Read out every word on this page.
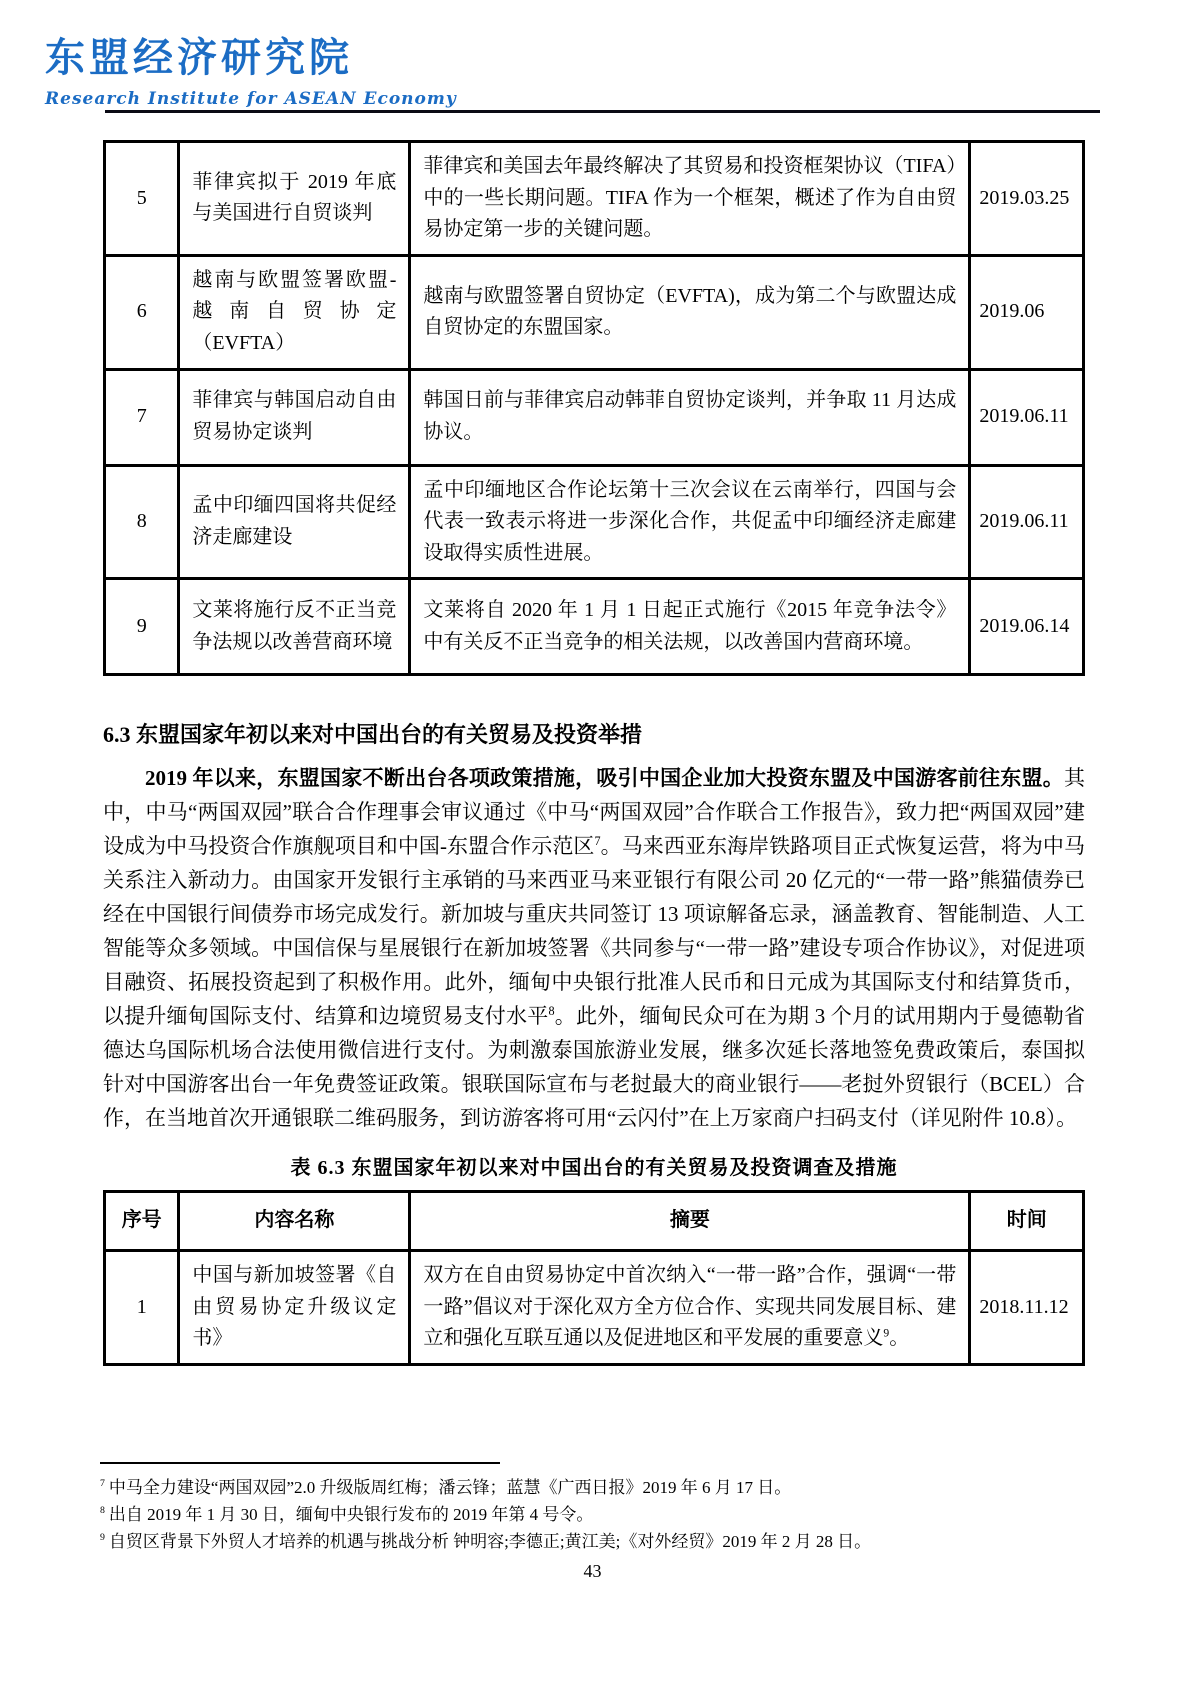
东盟经济研究院
Research Institute for ASEAN Economy
5	菲律宾拟于 2019 年底与美国进行自贸谈判	菲律宾和美国去年最终解决了其贸易和投资框架协议（TIFA）中的一些长期问题。TIFA 作为一个框架，概述了作为自由贸易协定第一步的关键问题。	2019.03.25
6	越南与欧盟签署欧盟-越南自贸协定（EVFTA）	越南与欧盟签署自贸协定（EVFTA)，成为第二个与欧盟达成自贸协定的东盟国家。	2019.06
7	菲律宾与韩国启动自由贸易协定谈判	韩国日前与菲律宾启动韩菲自贸协定谈判，并争取 11 月达成协议。	2019.06.11
8	孟中印缅四国将共促经济走廊建设	孟中印缅地区合作论坛第十三次会议在云南举行，四国与会代表一致表示将进一步深化合作，共促孟中印缅经济走廊建设取得实质性进展。	2019.06.11
9	文莱将施行反不正当竞争法规以改善营商环境	文莱将自 2020 年 1 月 1 日起正式施行《2015 年竞争法令》中有关反不正当竞争的相关法规，以改善国内营商环境。	2019.06.14
6.3 东盟国家年初以来对中国出台的有关贸易及投资举措

2019 年以来，东盟国家不断出台各项政策措施，吸引中国企业加大投资东盟及中国游客前往东盟。其中，中马“两国双园”联合合作理事会审议通过《中马“两国双园”合作联合工作报告》，致力把“两国双园”建设成为中马投资合作旗舰项目和中国-东盟合作示范区$^7$。马来西亚东海岸铁路项目正式恢复运营，将为中马关系注入新动力。由国家开发银行主承销的马来西亚马来亚银行有限公司 20 亿元的“一带一路”熊猫债券已经在中国银行间债券市场完成发行。新加坡与重庆共同签订 13 项谅解备忘录，涵盖教育、智能制造、人工智能等众多领域。中国信保与星展银行在新加坡签署《共同参与“一带一路”建设专项合作协议》，对促进项目融资、拓展投资起到了积极作用。此外，缅甸中央银行批准人民币和日元成为其国际支付和结算货币，以提升缅甸国际支付、结算和边境贸易支付水平$^8$。此外，缅甸民众可在为期 3 个月的试用期内于曼德勒省德达乌国际机场合法使用微信进行支付。为刺激泰国旅游业发展，继多次延长落地签免费政策后，泰国拟针对中国游客出台一年免费签证政策。银联国际宣布与老挝最大的商业银行——老挝外贸银行（BCEL）合作，在当地首次开通银联二维码服务，到访游客将可用“云闪付”在上万家商户扫码支付（详见附件 10.8）。

表 6.3 东盟国家年初以来对中国出台的有关贸易及投资调查及措施
序号	内容名称	摘要	时间
1	中国与新加坡签署《自由贸易协定升级议定书》	双方在自由贸易协定中首次纳入“一带一路”合作，强调“一带一路”倡议对于深化双方全方位合作、实现共同发展目标、建立和强化互联互通以及促进地区和平发展的重要意义$^9$。	2018.11.12
$^7$ 中马全力建设“两国双园”2.0 升级版周红梅；潘云锋；蓝慧《广西日报》2019 年 6 月 17 日。
$^8$ 出自 2019 年 1 月 30 日，缅甸中央银行发布的 2019 年第 4 号令。
$^9$ 自贸区背景下外贸人才培养的机遇与挑战分析 钟明容;李德正;黄江美;《对外经贸》2019 年 2 月 28 日。
43
